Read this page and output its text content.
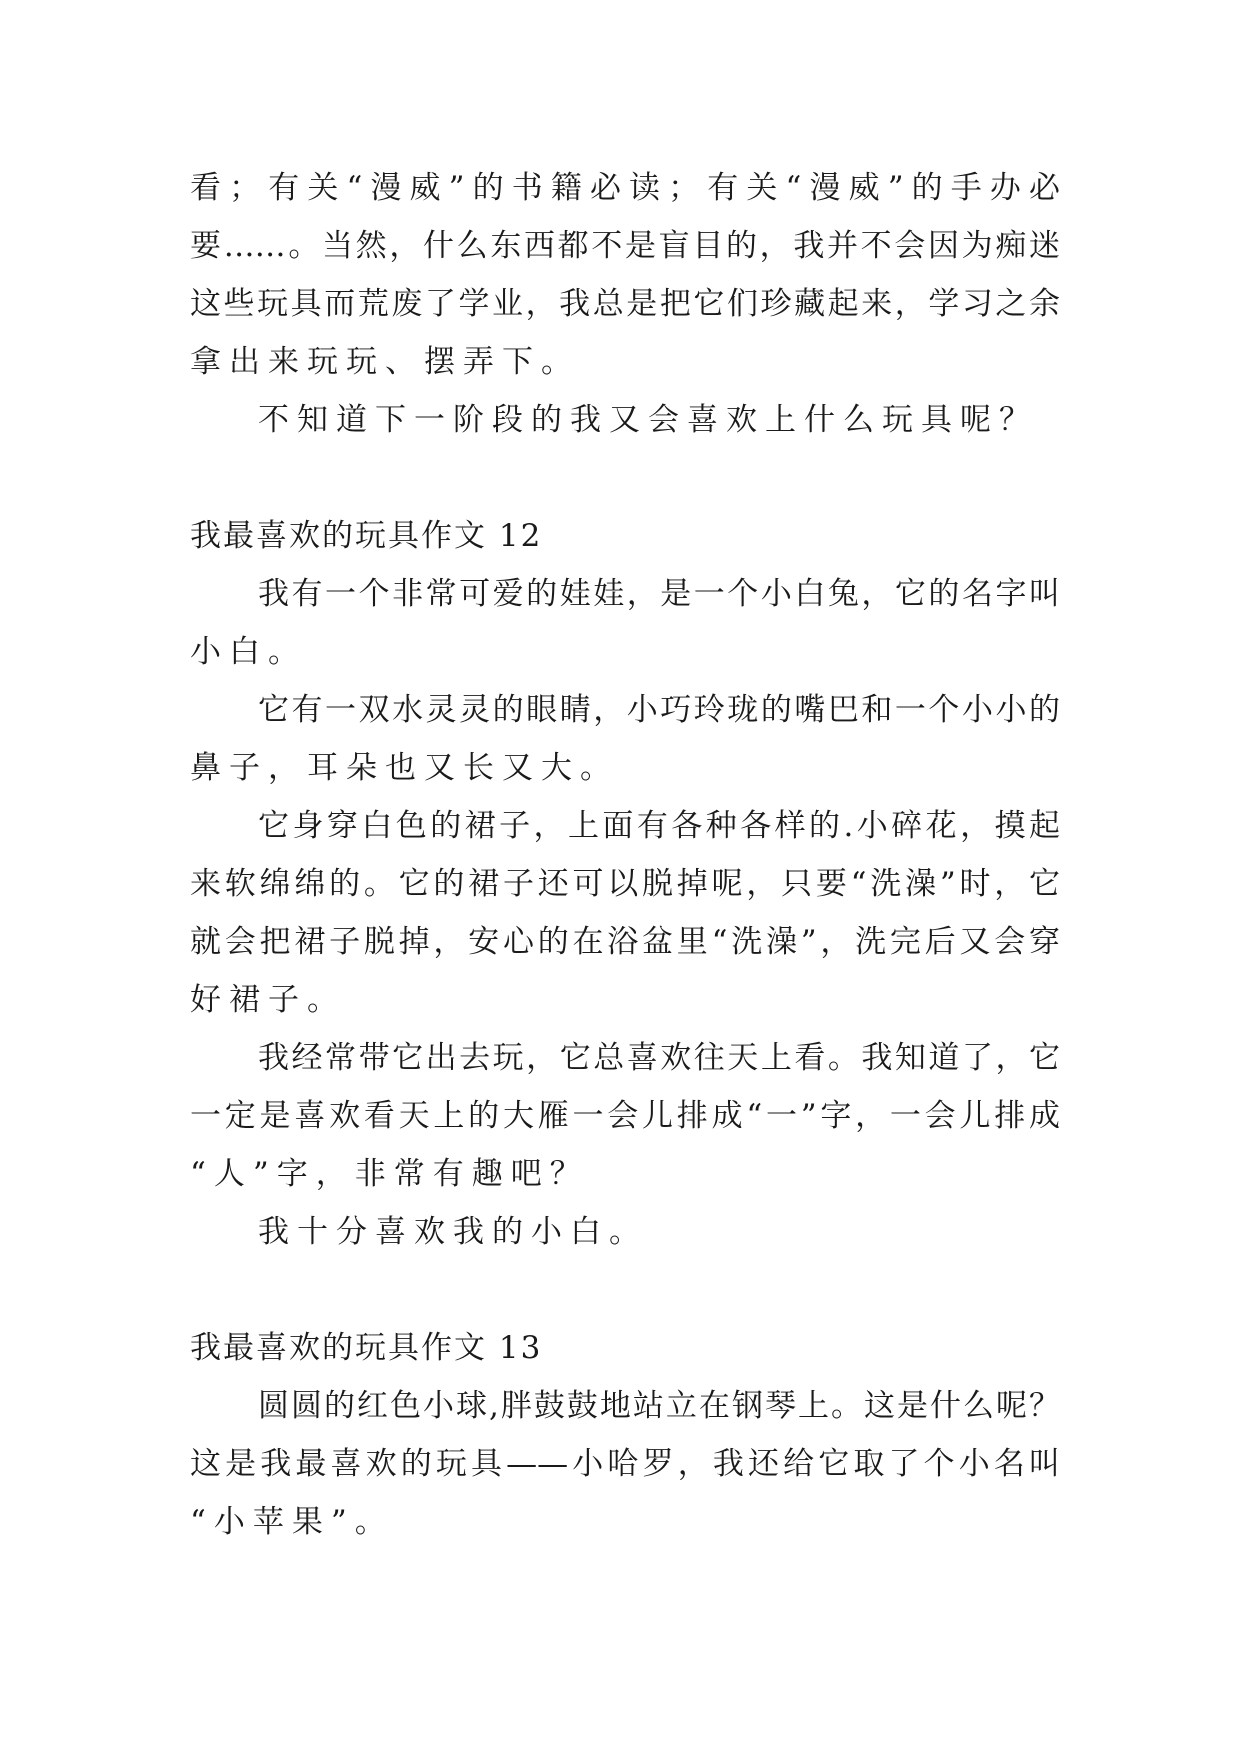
看；有关“漫威”的书籍必读；有关“漫威”的手办必
要……。当然，什么东西都不是盲目的，我并不会因为痴迷
这些玩具而荒废了学业，我总是把它们珍藏起来，学习之余
拿出来玩玩、摆弄下。
不知道下一阶段的我又会喜欢上什么玩具呢？
我最喜欢的玩具作文 12
我有一个非常可爱的娃娃，是一个小白兔，它的名字叫
小白。
它有一双水灵灵的眼睛，小巧玲珑的嘴巴和一个小小的
鼻子，耳朵也又长又大。
它身穿白色的裙子，上面有各种各样的.小碎花，摸起
来软绵绵的。它的裙子还可以脱掉呢，只要“洗澡”时，它
就会把裙子脱掉，安心的在浴盆里“洗澡”，洗完后又会穿
好裙子。
我经常带它出去玩，它总喜欢往天上看。我知道了，它
一定是喜欢看天上的大雁一会儿排成“一”字，一会儿排成
“人”字，非常有趣吧？
我十分喜欢我的小白。
我最喜欢的玩具作文 13
圆圆的红色小球,胖鼓鼓地站立在钢琴上。这是什么呢？
这是我最喜欢的玩具——小哈罗，我还给它取了个小名叫
“小苹果”。
